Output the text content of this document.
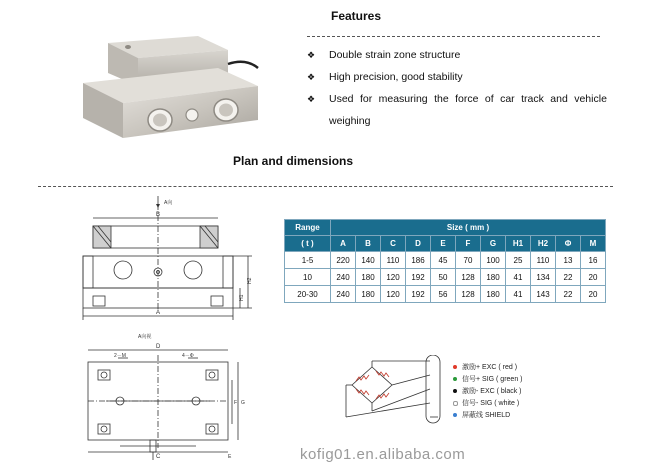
Features
❖	Double strain zone structure
❖	High precision, good stability
❖	Used for measuring the force of car track and vehicle
weighing
Plan and dimensions
A向
B
H2
H1
A
A向视
D
2－M	4－Φ
G
F
C	E
Range	Size ( mm )										
( t )	A	B	C	D	E	F	G	H1	H2	Φ	M
1-5	220	140	110	186	45	70	100	25	110	13	16
10	240	180	120	192	50	128	180	41	134	22	20
20-30	240	180	120	192	56	128	180	41	143	22	20
激励+ EXC ( red )
信号+ SIG ( green )
激励- EXC ( black )
信号- SIG ( white )
屏蔽线 SHIELD
kofig01.en.alibaba.com
